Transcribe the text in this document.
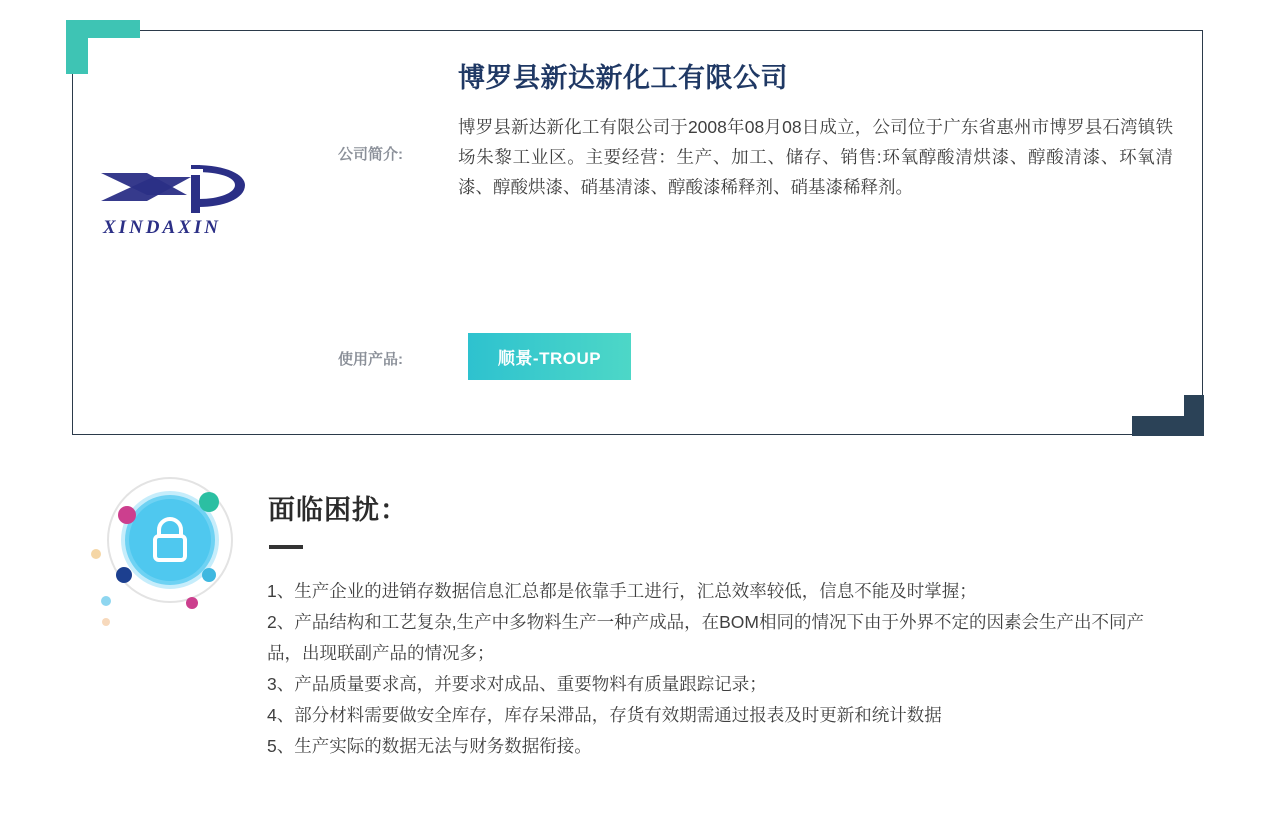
XINDAXIN
博罗县新达新化工有限公司
公司简介:
博罗县新达新化工有限公司于2008年08月08日成立，公司位于广东省惠州市博罗县石湾镇铁场朱黎工业区。主要经营：生产、加工、储存、销售:环氧醇酸清烘漆、醇酸清漆、环氧清漆、醇酸烘漆、硝基清漆、醇酸漆稀释剂、硝基漆稀释剂。
使用产品:	顺景-TROUP
面临困扰：
1、生产企业的进销存数据信息汇总都是依靠手工进行，汇总效率较低，信息不能及时掌握；
2、产品结构和工艺复杂,生产中多物料生产一种产成品，在BOM相同的情况下由于外界不定的因素会生产出不同产品，出现联副产品的情况多；
3、产品质量要求高，并要求对成品、重要物料有质量跟踪记录；
4、部分材料需要做安全库存，库存呆滞品，存货有效期需通过报表及时更新和统计数据
5、生产实际的数据无法与财务数据衔接。
